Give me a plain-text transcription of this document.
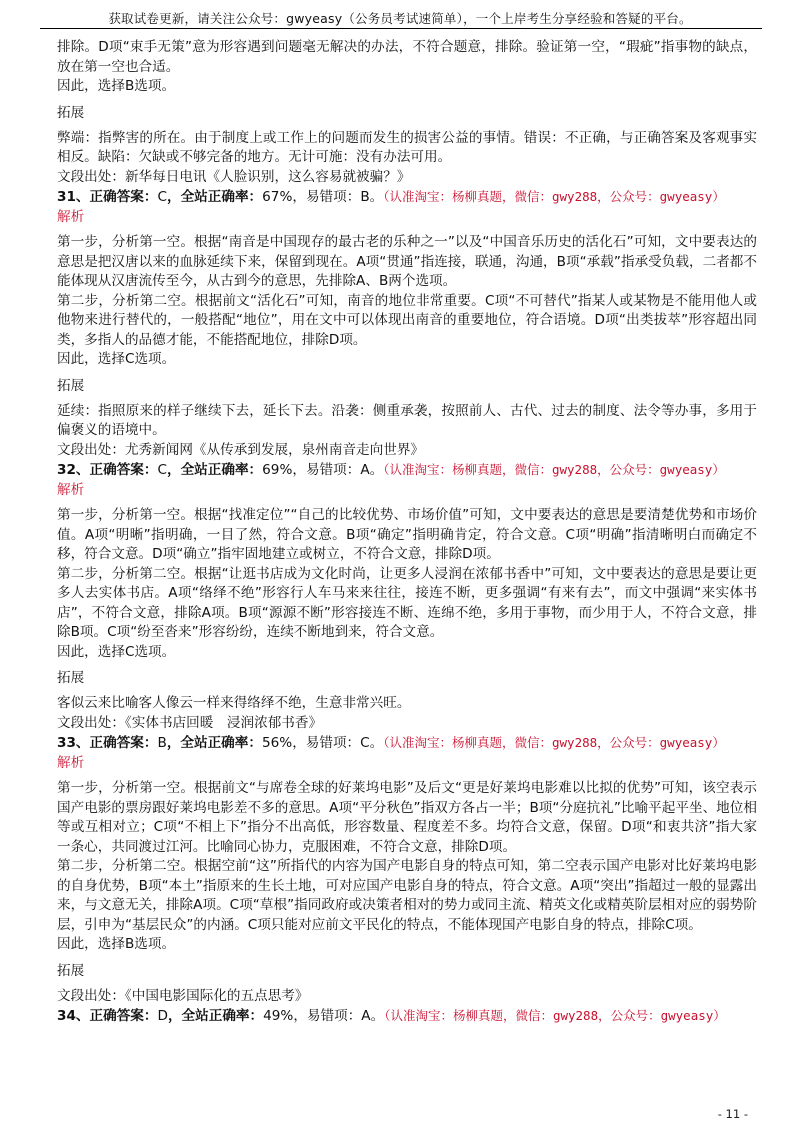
获取试卷更新，请关注公众号：gwyeasy（公务员考试速简单），一个上岸考生分享经验和答疑的平台。

排除。D项“束手无策”意为形容遇到问题毫无解决的办法，不符合题意，排除。验证第一空，“瑕疵”指事物的缺点，放在第一空也合适。

因此，选择B选项。

拓展

弊端：指弊害的所在。由于制度上或工作上的问题而发生的损害公益的事情。错误：不正确，与正确答案及客观事实相反。缺陷：欠缺或不够完备的地方。无计可施：没有办法可用。

文段出处：新华每日电讯《人脸识别，这么容易就被骗？》

31、正确答案：C，全站正确率：67%，易错项：B。（认准淘宝：杨柳真题，微信：gwy288，公众号：gwyeasy）

解析

第一步，分析第一空。根据“南音是中国现存的最古老的乐种之一”以及“中国音乐历史的活化石”可知，文中要表达的意思是把汉唐以来的血脉延续下来，保留到现在。A项“贯通”指连接，联通，沟通，B项“承载”指承受负载，二者都不能体现从汉唐流传至今，从古到今的意思，先排除A、B两个选项。

第二步，分析第二空。根据前文“活化石”可知，南音的地位非常重要。C项“不可替代”指某人或某物是不能用他人或他物来进行替代的，一般搭配“地位”，用在文中可以体现出南音的重要地位，符合语境。D项“出类拔萃”形容超出同类，多指人的品德才能，不能搭配地位，排除D项。

因此，选择C选项。

拓展

延续：指照原来的样子继续下去，延长下去。沿袭：侧重承袭，按照前人、古代、过去的制度、法令等办事，多用于偏褒义的语境中。

文段出处：尤秀新闻网《从传承到发展，泉州南音走向世界》

32、正确答案：C，全站正确率：69%，易错项：A。（认准淘宝：杨柳真题，微信：gwy288，公众号：gwyeasy）

解析

第一步，分析第一空。根据“找准定位”“自己的比较优势、市场价值”可知，文中要表达的意思是要清楚优势和市场价值。A项“明晰”指明确，一目了然，符合文意。B项“确定”指明确肯定，符合文意。C项“明确”指清晰明白而确定不移，符合文意。D项“确立”指牢固地建立或树立，不符合文意，排除D项。

第二步，分析第二空。根据“让逛书店成为文化时尚，让更多人浸润在浓郁书香中”可知，文中要表达的意思是要让更多人去实体书店。A项“络绎不绝”形容行人车马来来往往，接连不断，更多强调“有来有去”，而文中强调“来实体书店”，不符合文意，排除A项。B项“源源不断”形容接连不断、连绵不绝，多用于事物，而少用于人，不符合文意，排除B项。C项“纷至沓来”形容纷纷，连续不断地到来，符合文意。

因此，选择C选项。

拓展

客似云来比喻客人像云一样来得络绎不绝，生意非常兴旺。

文段出处：《实体书店回暖　浸润浓郁书香》

33、正确答案：B，全站正确率：56%，易错项：C。（认准淘宝：杨柳真题，微信：gwy288，公众号：gwyeasy）

解析

第一步，分析第一空。根据前文“与席卷全球的好莱坞电影”及后文“更是好莱坞电影难以比拟的优势”可知，该空表示国产电影的票房跟好莱坞电影差不多的意思。A项“平分秋色”指双方各占一半；B项“分庭抗礼”比喻平起平坐、地位相等或互相对立；C项“不相上下”指分不出高低，形容数量、程度差不多。均符合文意，保留。D项“和衷共济”指大家一条心，共同渡过江河。比喻同心协力，克服困难，不符合文意，排除D项。

第二步，分析第二空。根据空前“这”所指代的内容为国产电影自身的特点可知，第二空表示国产电影对比好莱坞电影的自身优势，B项“本土”指原来的生长土地，可对应国产电影自身的特点，符合文意。A项“突出”指超过一般的显露出来，与文意无关，排除A项。C项“草根”指同政府或决策者相对的势力或同主流、精英文化或精英阶层相对应的弱势阶层，引申为“基层民众”的内涵。C项只能对应前文平民化的特点，不能体现国产电影自身的特点，排除C项。

因此，选择B选项。

拓展

文段出处：《中国电影国际化的五点思考》

34、正确答案：D，全站正确率：49%，易错项：A。（认准淘宝：杨柳真题，微信：gwy288，公众号：gwyeasy）

- 11 -
